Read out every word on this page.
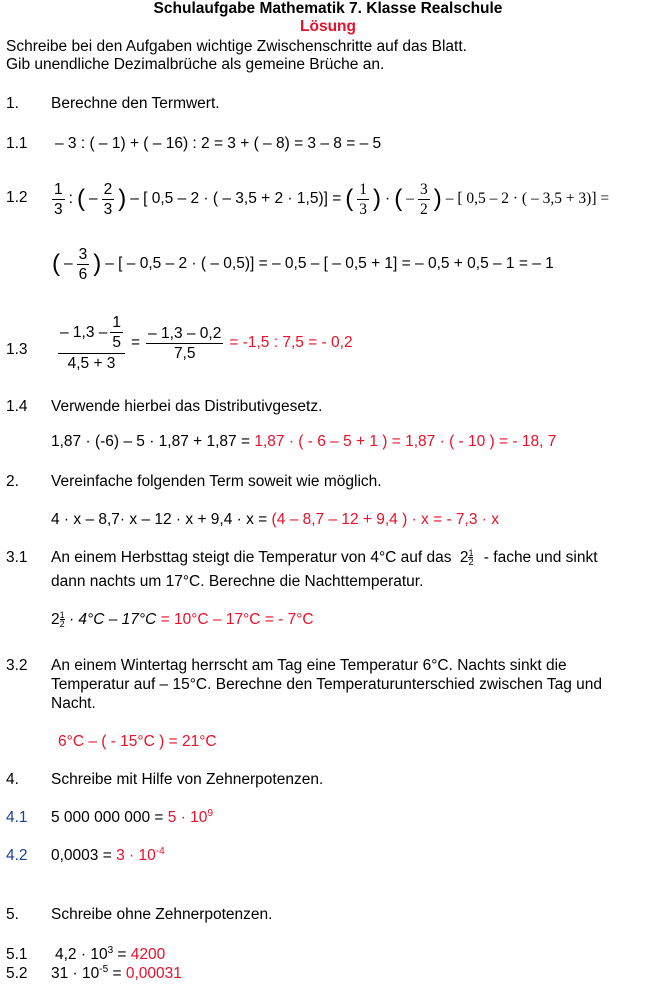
Schulaufgabe Mathematik 7. Klasse Realschule
Lösung
Schreibe bei den Aufgaben wichtige Zwischenschritte auf das Blatt.
Gib unendliche Dezimalbrüche als gemeine Brüche an.
1. Berechne den Termwert.
1.1 – 3 : ( – 1) + ( – 16) : 2 = 3 + ( – 8) = 3 – 8 = – 5
$1.2 \frac{1}{3}$ : ( – $\frac{2}{3}$ ) – [ 0,5 – 2 · ( – 3,5 + 2 · 1,5)] = ( $\frac{1}{3}$ ) · ( – $\frac{3}{2}$ ) – [ 0,5 – 2 · ( – 3,5 + 3)] =
( – $\frac{3}{6}$ ) – [ – 0,5 – 2 · ( – 0,5)] = – 0,5 – [ – 0,5 + 1] = – 0,5 + 0,5 – 1 = – 1
$1.3 \frac{- 1,3 - \frac{1}{5}}{4,5 + 3} = \frac{- 1,3 - 0,2}{7,5} = -1,5$ : 7,5 = - 0,2
1.4 Verwende hierbei das Distributivgesetz.
1,87 · (-6) – 5 · 1,87 + 1,87 = 1,87 · ( - 6 – 5 + 1 ) = 1,87 · ( - 10 ) = - 18, 7
2. Vereinfache folgenden Term soweit wie möglich.
4 · x – 8,7· x – 12 · x + 9,4 · x = (4 – 8,7 – 12 + 9,4 ) · x = - 7,3 · x
3.1 An einem Herbsttag steigt die Temperatur von 4°C auf das $2 \frac{1}{2}$ - fache und sinkt
dann nachts um 17°C. Berechne die Nachttemperatur.
$2 \frac{1}{2} \cdot 4^\circ C - 17^\circ C = 10^\circ C - 17^\circ C$ = - 7°C
3.2 An einem Wintertag herrscht am Tag eine Temperatur 6°C. Nachts sinkt die
Temperatur auf – 15°C. Berechne den Temperaturunterschied zwischen Tag und
Nacht.
6°C – ( - 15°C ) = 21°C
4. Schreibe mit Hilfe von Zehnerpotenzen.
4.1 5 000 000 $000 = 5 \cdot 10^9$
4.2 $0,0003 = 3 \cdot 10^{-4}$
5. Schreibe ohne Zehnerpotenzen.
5.1 $4,2 \cdot 10^3 = 4200$
5.2 $31 \cdot 10^{-5} = 0,00031$
